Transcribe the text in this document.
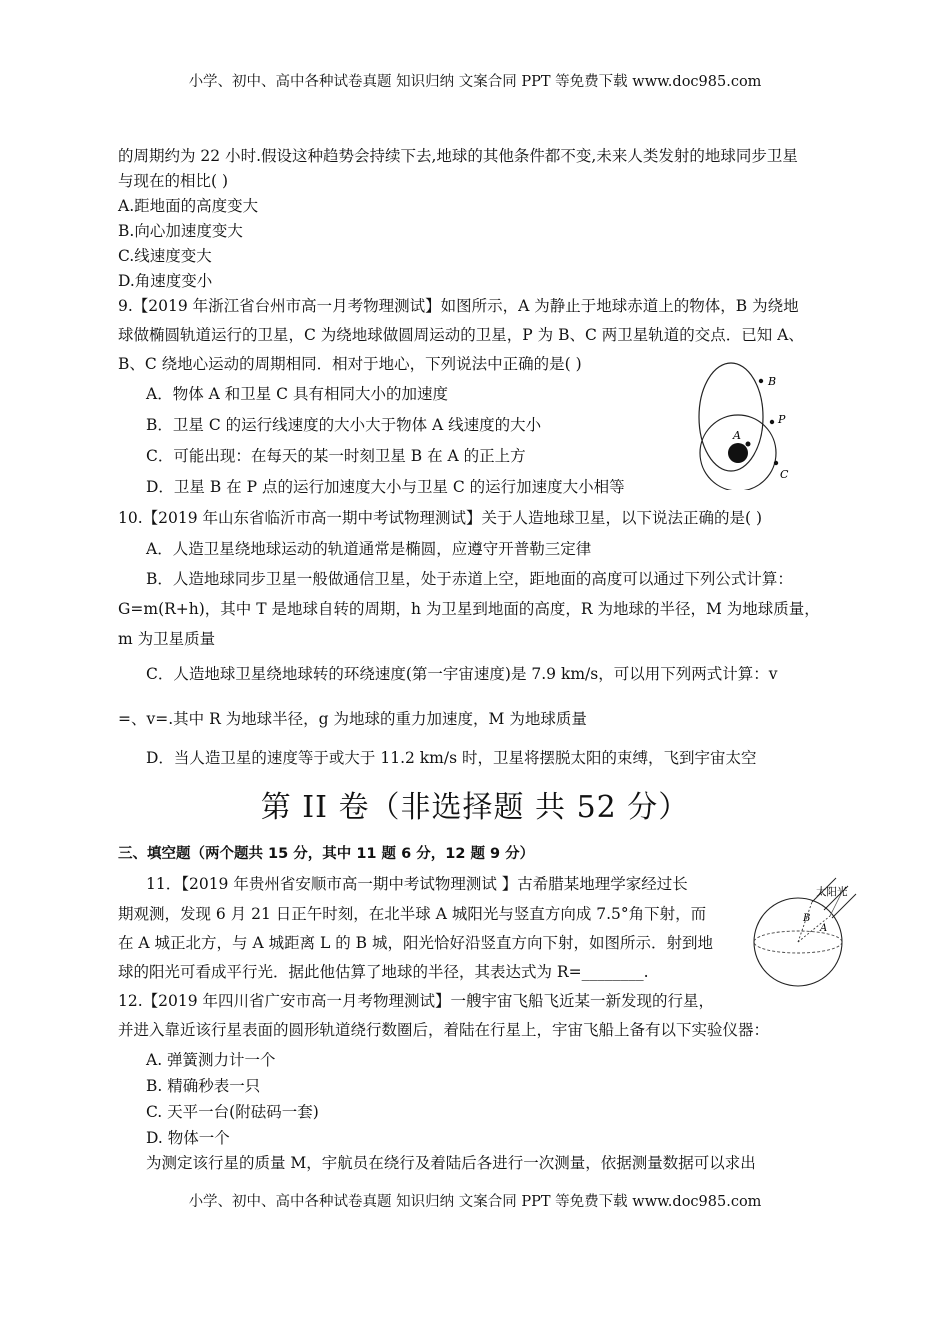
小学、初中、高中各种试卷真题 知识归纳 文案合同 PPT 等免费下载 www.doc985.com
的周期约为 22 小时.假设这种趋势会持续下去,地球的其他条件都不变,未来人类发射的地球同步卫星
与现在的相比( )
A.距地面的高度变大
B.向心加速度变大
C.线速度变大
D.角速度变小
9.【2019 年浙江省台州市高一月考物理测试】如图所示，A 为静止于地球赤道上的物体，B 为绕地
球做椭圆轨道运行的卫星，C 为绕地球做圆周运动的卫星，P 为 B、C 两卫星轨道的交点．已知 A、
B、C 绕地心运动的周期相同．相对于地心，下列说法中正确的是( )
A．物体 A 和卫星 C 具有相同大小的加速度
B．卫星 C 的运行线速度的大小大于物体 A 线速度的大小
C．可能出现：在每天的某一时刻卫星 B 在 A 的正上方
D．卫星 B 在 P 点的运行加速度大小与卫星 C 的运行加速度大小相等
B
P
A
C
10.【2019 年山东省临沂市高一期中考试物理测试】关于人造地球卫星，以下说法正确的是( )
A．人造卫星绕地球运动的轨道通常是椭圆，应遵守开普勒三定律
B．人造地球同步卫星一般做通信卫星，处于赤道上空，距地面的高度可以通过下列公式计算：
G=m(R+h)，其中 T 是地球自转的周期，h 为卫星到地面的高度，R 为地球的半径，M 为地球质量，
m 为卫星质量
C．人造地球卫星绕地球转的环绕速度(第一宇宙速度)是 7.9 km/s，可以用下列两式计算：v
=、v=.其中 R 为地球半径，g 为地球的重力加速度，M 为地球质量
D．当人造卫星的速度等于或大于 11.2 km/s 时，卫星将摆脱太阳的束缚，飞到宇宙太空
第 II 卷（非选择题 共 52 分）
三、填空题（两个题共 15 分，其中 11 题 6 分，12 题 9 分）
11．【2019 年贵州省安顺市高一期中考试物理测试 】古希腊某地理学家经过长
期观测，发现 6 月 21 日正午时刻，在北半球 A 城阳光与竖直方向成 7.5°角下射，而
在 A 城正北方，与 A 城距离 L 的 B 城，阳光恰好沿竖直方向下射，如图所示．射到地
球的阳光可看成平行光．据此他估算了地球的半径，其表达式为 R=________.
太阳光
B
A
12.【2019 年四川省广安市高一月考物理测试】一艘宇宙飞船飞近某一新发现的行星，
并进入靠近该行星表面的圆形轨道绕行数圈后，着陆在行星上，宇宙飞船上备有以下实验仪器：
A. 弹簧测力计一个
B. 精确秒表一只
C. 天平一台(附砝码一套)
D. 物体一个
为测定该行星的质量 M，宇航员在绕行及着陆后各进行一次测量，依据测量数据可以求出
小学、初中、高中各种试卷真题 知识归纳 文案合同 PPT 等免费下载 www.doc985.com
